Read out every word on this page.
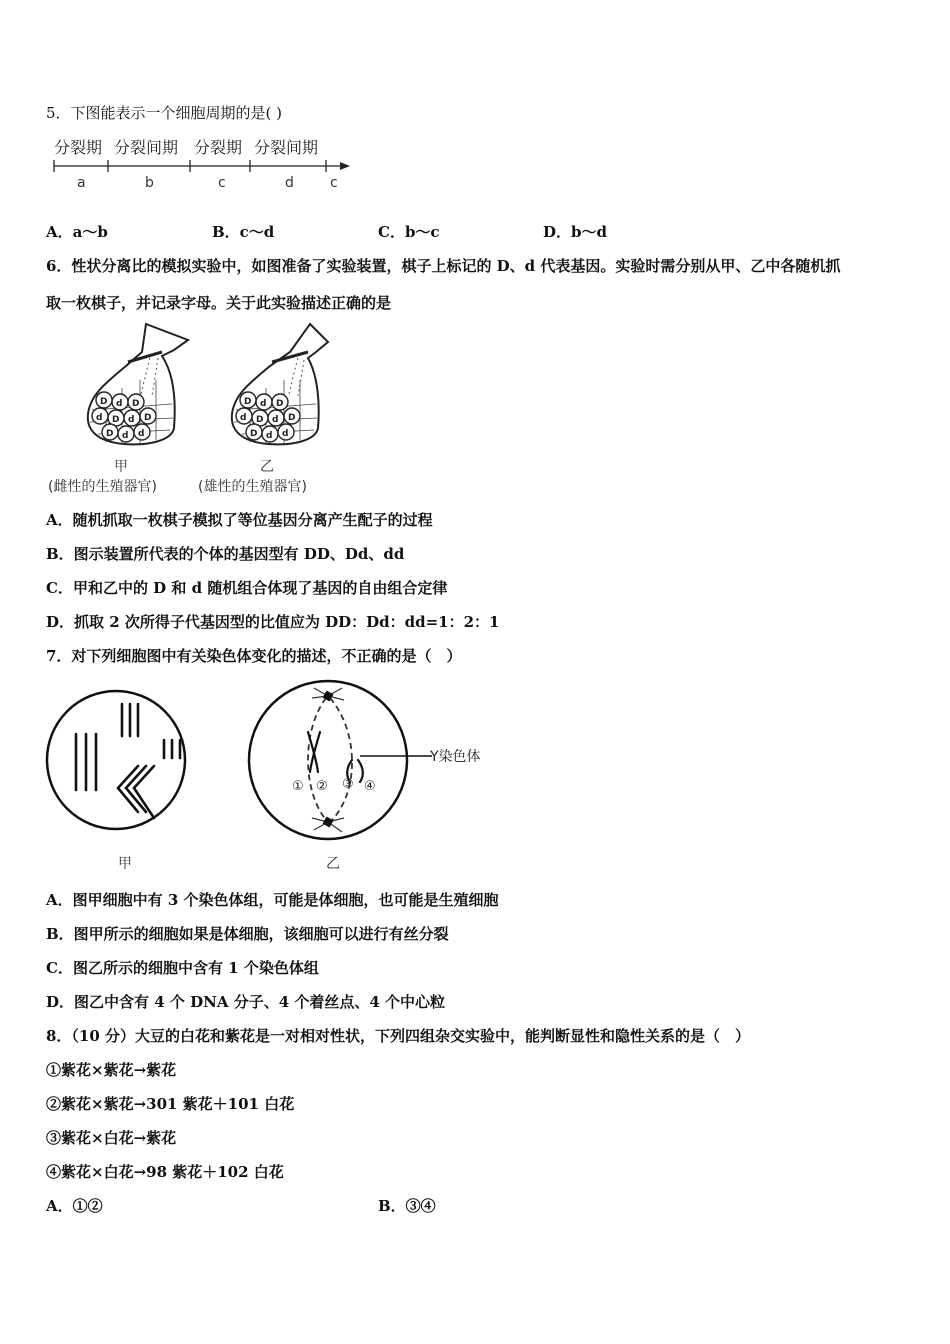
5．下图能表示一个细胞周期的是( )
分裂期 分裂间期 分裂期 分裂间期
a	b	c	d	c
A．a～b	B．c～d	C．b～c	D．b～d
6．性状分离比的模拟实验中，如图准备了实验装置，棋子上标记的 D、d 代表基因。实验时需分别从甲、乙中各随机抓
取一枚棋子，并记录字母。关于此实验描述正确的是
D d D
d D d D
D d d
D d D
d D d D
D d d
甲
(雌性的生殖器官)
乙
(雄性的生殖器官)
A．随机抓取一枚棋子模拟了等位基因分离产生配子的过程
B．图示装置所代表的个体的基因型有 DD、Dd、dd
C．甲和乙中的 D 和 d 随机组合体现了基因的自由组合定律
D．抓取 2 次所得子代基因型的比值应为 DD：Dd：dd=1：2：1
7．对下列细胞图中有关染色体变化的描述，不正确的是（　）
① ② ③ ④
Y染色体
甲	乙
A．图甲细胞中有 3 个染色体组，可能是体细胞，也可能是生殖细胞
B．图甲所示的细胞如果是体细胞，该细胞可以进行有丝分裂
C．图乙所示的细胞中含有 1 个染色体组
D．图乙中含有 4 个 DNA 分子、4 个着丝点、4 个中心粒
8．（10 分）大豆的白花和紫花是一对相对性状，下列四组杂交实验中，能判断显性和隐性关系的是（　）
①紫花×紫花→紫花
②紫花×紫花→301 紫花＋101 白花
③紫花×白花→紫花
④紫花×白花→98 紫花＋102 白花
A．①②	B．③④
